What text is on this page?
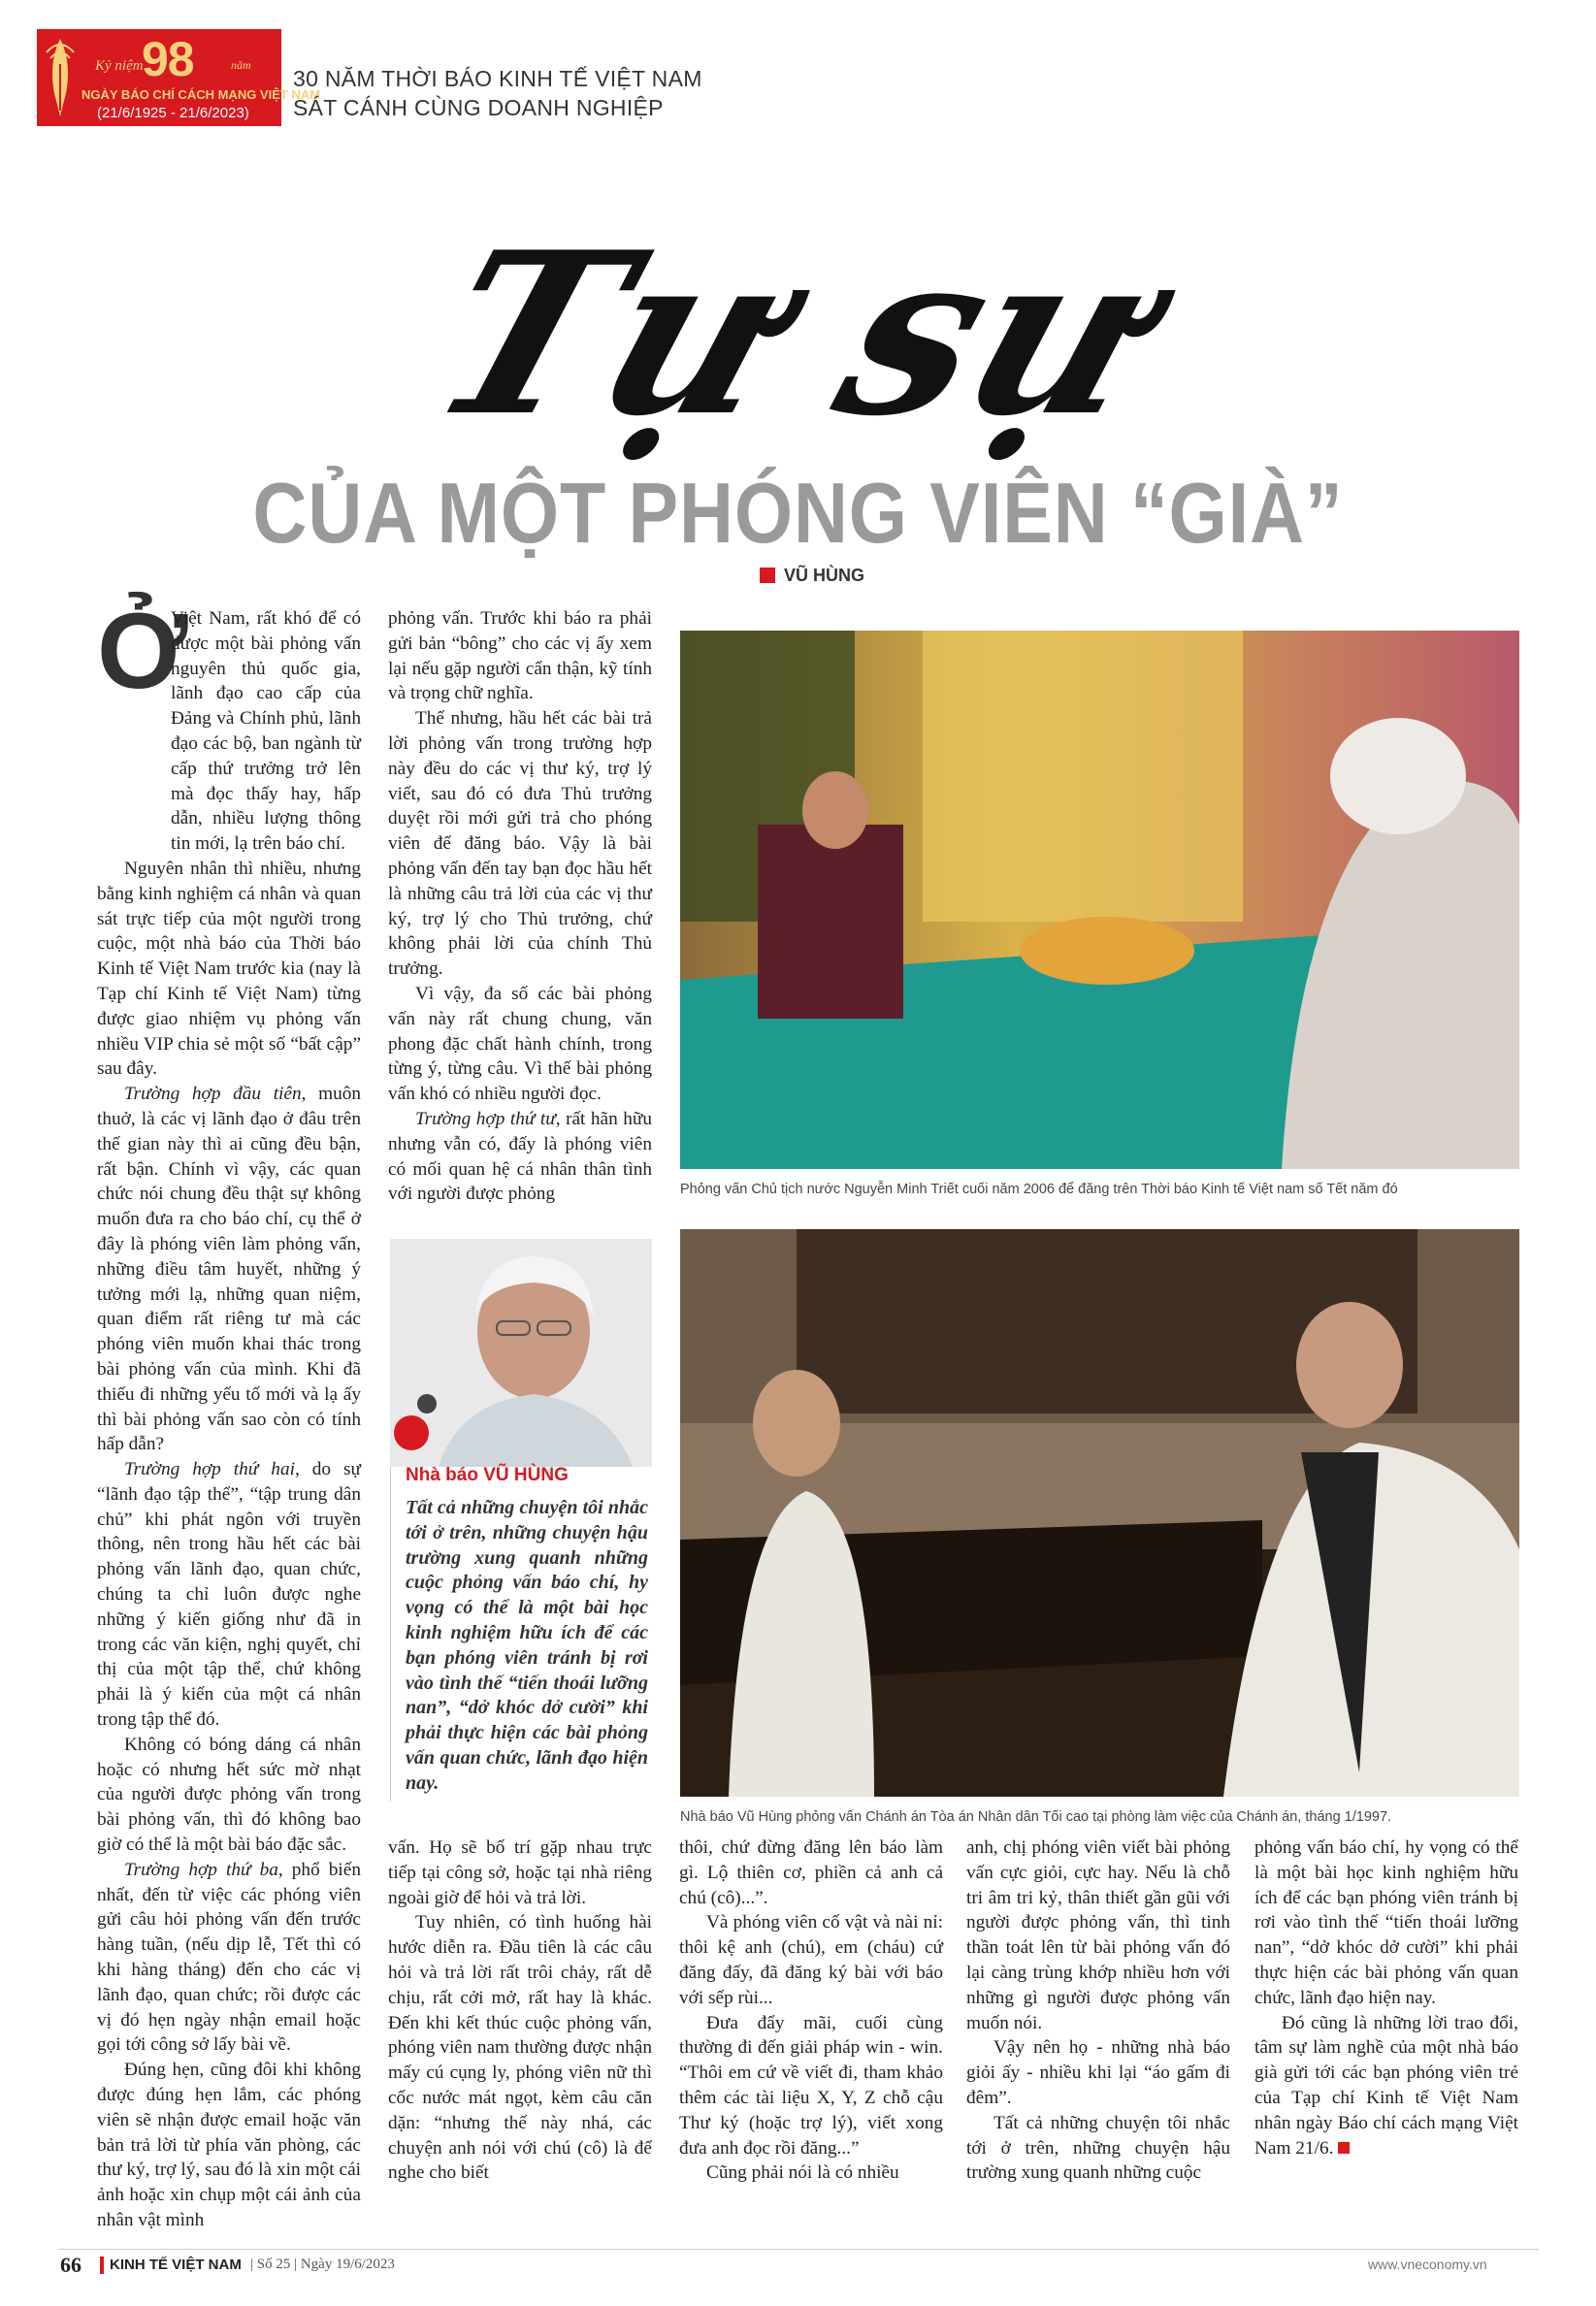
Kỷ niệm
98	năm
NGÀY BÁO CHÍ CÁCH MẠNG VIỆT NAM
(21/6/1925 - 21/6/2023)
30 NĂM THỜI BÁO KINH TẾ VIỆT NAM
SÁT CÁNH CÙNG DOANH NGHIỆP
Tự sự
CỦA MỘT PHÓNG VIÊN “GIÀ”
VŨ HÙNG
Ở

Việt Nam, rất khó để có được một bài phỏng vấn nguyên thủ quốc gia, lãnh đạo cao cấp của Đảng và Chính phủ, lãnh đạo các bộ, ban ngành từ cấp thứ trưởng trở lên mà đọc thấy hay, hấp dẫn, nhiều lượng thông tin mới, lạ trên báo chí.

Nguyên nhân thì nhiều, nhưng bằng kinh nghiệm cá nhân và quan sát trực tiếp của một người trong cuộc, một nhà báo của Thời báo Kinh tế Việt Nam trước kia (nay là Tạp chí Kinh tế Việt Nam) từng được giao nhiệm vụ phỏng vấn nhiều VIP chia sẻ một số “bất cập” sau đây.

Trường hợp đầu tiên, muôn thuở, là các vị lãnh đạo ở đâu trên thế gian này thì ai cũng đều bận, rất bận. Chính vì vậy, các quan chức nói chung đều thật sự không muốn đưa ra cho báo chí, cụ thể ở đây là phóng viên làm phỏng vấn, những điều tâm huyết, những ý tưởng mới lạ, những quan niệm, quan điểm rất riêng tư mà các phóng viên muốn khai thác trong bài phỏng vấn của mình. Khi đã thiếu đi những yếu tố mới và lạ ấy thì bài phỏng vấn sao còn có tính hấp dẫn?

Trường hợp thứ hai, do sự “lãnh đạo tập thể”, “tập trung dân chủ” khi phát ngôn với truyền thông, nên trong hầu hết các bài phỏng vấn lãnh đạo, quan chức, chúng ta chỉ luôn được nghe những ý kiến giống như đã in trong các văn kiện, nghị quyết, chỉ thị của một tập thể, chứ không phải là ý kiến của một cá nhân trong tập thể đó.

Không có bóng dáng cá nhân hoặc có nhưng hết sức mờ nhạt của người được phỏng vấn trong bài phỏng vấn, thì đó không bao giờ có thể là một bài báo đặc sắc.

Trường hợp thứ ba, phổ biến nhất, đến từ việc các phóng viên gửi câu hỏi phỏng vấn đến trước hàng tuần, (nếu dịp lễ, Tết thì có khi hàng tháng) đến cho các vị lãnh đạo, quan chức; rồi được các vị đó hẹn ngày nhận email hoặc gọi tới công sở lấy bài về.

Đúng hẹn, cũng đôi khi không được đúng hẹn lắm, các phóng viên sẽ nhận được email hoặc văn bản trả lời từ phía văn phòng, các thư ký, trợ lý, sau đó là xin một cái ảnh hoặc xin chụp một cái ảnh của nhân vật mình

phỏng vấn. Trước khi báo ra phải gửi bản “bông” cho các vị ấy xem lại nếu gặp người cẩn thận, kỹ tính và trọng chữ nghĩa.

Thế nhưng, hầu hết các bài trả lời phỏng vấn trong trường hợp này đều do các vị thư ký, trợ lý viết, sau đó có đưa Thủ trưởng duyệt rồi mới gửi trả cho phóng viên để đăng báo. Vậy là bài phỏng vấn đến tay bạn đọc hầu hết là những câu trả lời của các vị thư ký, trợ lý cho Thủ trưởng, chứ không phải lời của chính Thủ trưởng.

Vì vậy, đa số các bài phỏng vấn này rất chung chung, văn phong đặc chất hành chính, trong từng ý, từng câu. Vì thế bài phỏng vấn khó có nhiều người đọc.

Trường hợp thứ tư, rất hãn hữu nhưng vẫn có, đấy là phóng viên có mối quan hệ cá nhân thân tình với người được phỏng

Nhà báo VŨ HÙNG
Tất cả những chuyện tôi nhắc tới ở trên, những chuyện hậu trường xung quanh những cuộc phỏng vấn báo chí, hy vọng có thể là một bài học kinh nghiệm hữu ích để các bạn phóng viên tránh bị rơi vào tình thế “tiến thoái lưỡng nan”, “dở khóc dở cười” khi phải thực hiện các bài phỏng vấn quan chức, lãnh đạo hiện nay.
Phỏng vấn Chủ tịch nước Nguyễn Minh Triết cuối năm 2006 để đăng trên Thời báo Kinh tế Việt nam số Tết năm đó
Nhà báo Vũ Hùng phỏng vấn Chánh án Tòa án Nhân dân Tối cao tại phòng làm việc của Chánh án, tháng 1/1997.

vấn. Họ sẽ bố trí gặp nhau trực tiếp tại công sở, hoặc tại nhà riêng ngoài giờ để hỏi và trả lời.

Tuy nhiên, có tình huống hài hước diễn ra. Đầu tiên là các câu hỏi và trả lời rất trôi chảy, rất dễ chịu, rất cởi mở, rất hay là khác. Đến khi kết thúc cuộc phỏng vấn, phóng viên nam thường được nhận mấy cú cụng ly, phóng viên nữ thì cốc nước mát ngọt, kèm câu căn dặn: “nhưng thế này nhá, các chuyện anh nói với chú (cô) là để nghe cho biết

thôi, chứ đừng đăng lên báo làm gì. Lộ thiên cơ, phiền cả anh cả chú (cô)...”.

Và phóng viên cố vật và nài nỉ: thôi kệ anh (chú), em (cháu) cứ đăng đấy, đã đăng ký bài với báo với sếp rùi...

Đưa đẩy mãi, cuối cùng thường đi đến giải pháp win - win. “Thôi em cứ về viết đi, tham khảo thêm các tài liệu X, Y, Z chỗ cậu Thư ký (hoặc trợ lý), viết xong đưa anh đọc rồi đăng...”

Cũng phải nói là có nhiều

anh, chị phóng viên viết bài phỏng vấn cực giỏi, cực hay. Nếu là chỗ tri âm tri kỷ, thân thiết gần gũi với người được phỏng vấn, thì tinh thần toát lên từ bài phỏng vấn đó lại càng trùng khớp nhiều hơn với những gì người được phỏng vấn muốn nói.

Vậy nên họ - những nhà báo giỏi ấy - nhiều khi lại “áo gấm đi đêm”.

Tất cả những chuyện tôi nhắc tới ở trên, những chuyện hậu trường xung quanh những cuộc

phỏng vấn báo chí, hy vọng có thể là một bài học kinh nghiệm hữu ích để các bạn phóng viên tránh bị rơi vào tình thế “tiến thoái lưỡng nan”, “dở khóc dở cười” khi phải thực hiện các bài phỏng vấn quan chức, lãnh đạo hiện nay.

Đó cũng là những lời trao đổi, tâm sự làm nghề của một nhà báo già gửi tới các bạn phóng viên trẻ của Tạp chí Kinh tế Việt Nam nhân ngày Báo chí cách mạng Việt Nam 21/6.

66 KINH TẾ VIỆT NAM | Số 25 | Ngày 19/6/2023	www.vneconomy.vn
